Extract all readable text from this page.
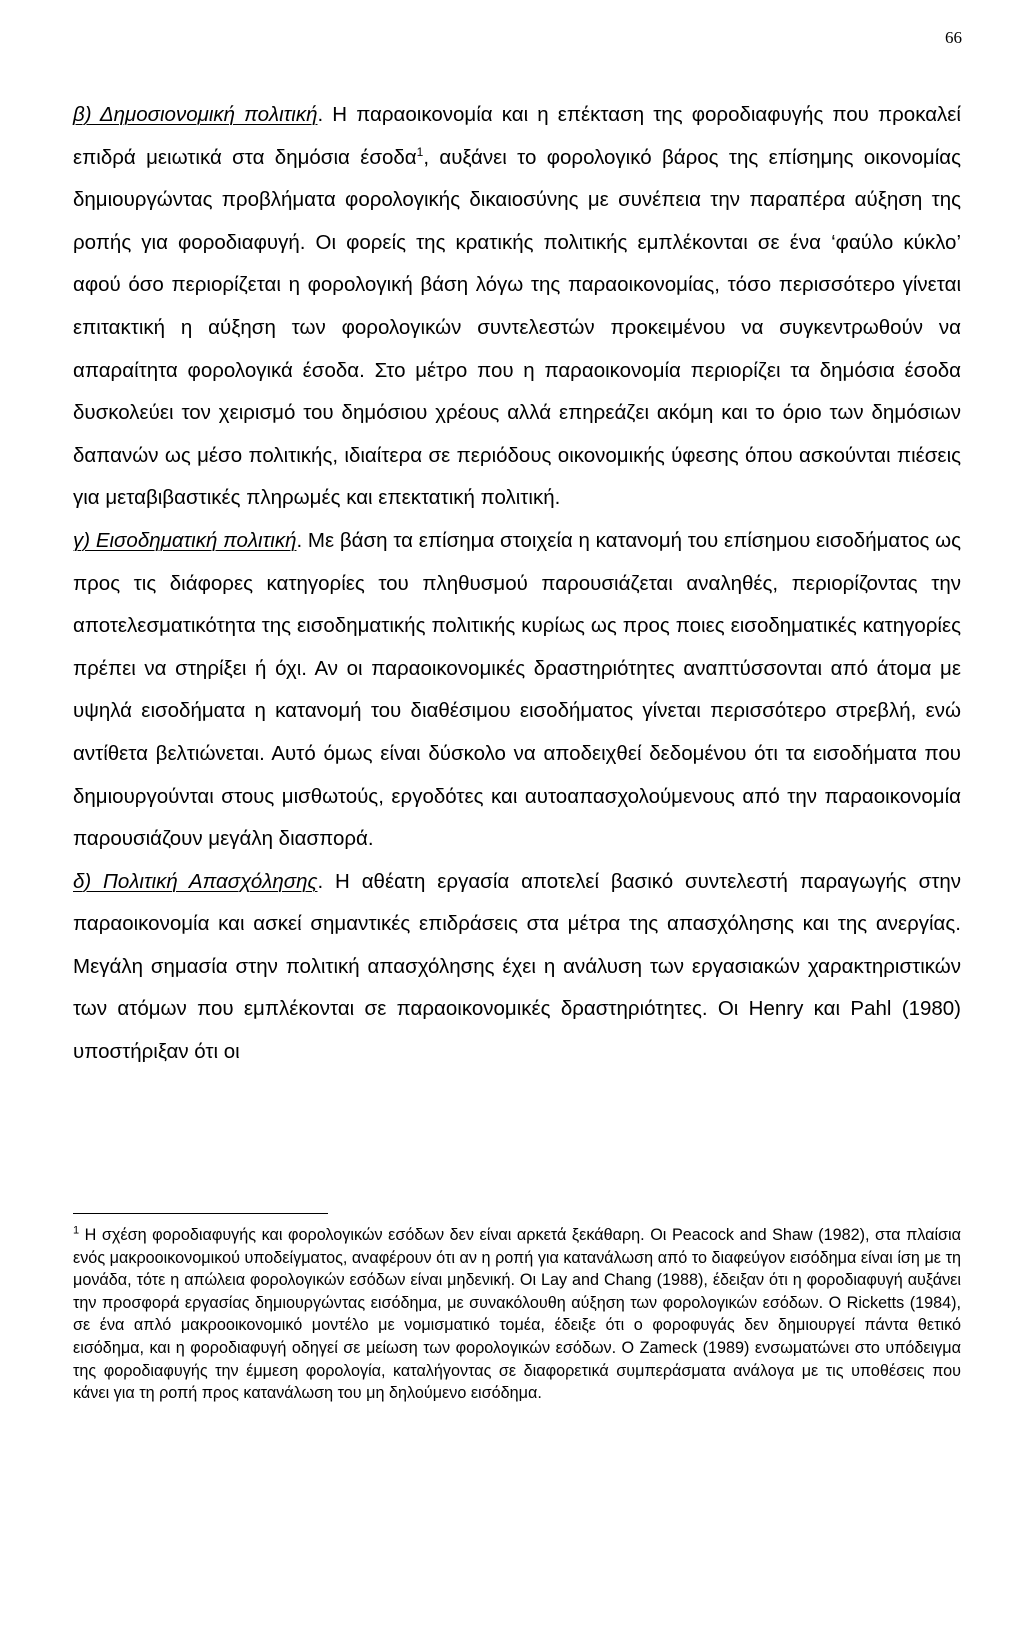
66

β) Δημοσιονομική πολιτική. Η παραοικονομία και η επέκταση της φοροδιαφυγής που προκαλεί επιδρά μειωτικά στα δημόσια έσοδα$^1$, αυξάνει το φορολογικό βάρος της επίσημης οικονομίας δημιουργώντας προβλήματα φορολογικής δικαιοσύνης με συνέπεια την παραπέρα αύξηση της ροπής για φοροδιαφυγή. Οι φορείς της κρατικής πολιτικής εμπλέκονται σε ένα ‘φαύλο κύκλο’ αφού όσο περιορίζεται η φορολογική βάση λόγω της παραοικονομίας, τόσο περισσότερο γίνεται επιτακτική η αύξηση των φορολογικών συντελεστών προκειμένου να συγκεντρωθούν να απαραίτητα φορολογικά έσοδα. Στο μέτρο που η παραοικονομία περιορίζει τα δημόσια έσοδα δυσκολεύει τον χειρισμό του δημόσιου χρέους αλλά επηρεάζει ακόμη και το όριο των δημόσιων δαπανών ως μέσο πολιτικής, ιδιαίτερα σε περιόδους οικονομικής ύφεσης όπου ασκούνται πιέσεις για μεταβιβαστικές πληρωμές και επεκτατική πολιτική.

γ) Εισοδηματική πολιτική. Με βάση τα επίσημα στοιχεία η κατανομή του επίσημου εισοδήματος ως προς τις διάφορες κατηγορίες του πληθυσμού παρουσιάζεται αναληθές, περιορίζοντας την αποτελεσματικότητα της εισοδηματικής πολιτικής κυρίως ως προς ποιες εισοδηματικές κατηγορίες πρέπει να στηρίξει ή όχι. Αν οι παραοικονομικές δραστηριότητες αναπτύσσονται από άτομα με υψηλά εισοδήματα η κατανομή του διαθέσιμου εισοδήματος γίνεται περισσότερο στρεβλή, ενώ αντίθετα βελτιώνεται. Αυτό όμως είναι δύσκολο να αποδειχθεί δεδομένου ότι τα εισοδήματα που δημιουργούνται στους μισθωτούς, εργοδότες και αυτοαπασχολούμενους από την παραοικονομία παρουσιάζουν μεγάλη διασπορά.

δ) Πολιτική Απασχόλησης. Η αθέατη εργασία αποτελεί βασικό συντελεστή παραγωγής στην παραοικονομία και ασκεί σημαντικές επιδράσεις στα μέτρα της απασχόλησης και της ανεργίας. Μεγάλη σημασία στην πολιτική απασχόλησης έχει η ανάλυση των εργασιακών χαρακτηριστικών των ατόμων που εμπλέκονται σε παραοικονομικές δραστηριότητες. Οι Henry και Pahl (1980) υποστήριξαν ότι οι

$^1$ Η σχέση φοροδιαφυγής και φορολογικών εσόδων δεν είναι αρκετά ξεκάθαρη. Οι Peacock and Shaw (1982), στα πλαίσια ενός μακροοικονομικού υποδείγματος, αναφέρουν ότι αν η ροπή για κατανάλωση από το διαφεύγον εισόδημα είναι ίση με τη μονάδα, τότε η απώλεια φορολογικών εσόδων είναι μηδενική. Οι Lay and Chang (1988), έδειξαν ότι η φοροδιαφυγή αυξάνει την προσφορά εργασίας δημιουργώντας εισόδημα, με συνακόλουθη αύξηση των φορολογικών εσόδων. Ο Ricketts (1984), σε ένα απλό μακροοικονομικό μοντέλο με νομισματικό τομέα, έδειξε ότι ο φοροφυγάς δεν δημιουργεί πάντα θετικό εισόδημα, και η φοροδιαφυγή οδηγεί σε μείωση των φορολογικών εσόδων. Ο Zameck (1989) ενσωματώνει στο υπόδειγμα της φοροδιαφυγής την έμμεση φορολογία, καταλήγοντας σε διαφορετικά συμπεράσματα ανάλογα με τις υποθέσεις που κάνει για τη ροπή προς κατανάλωση του μη δηλούμενο εισόδημα.
